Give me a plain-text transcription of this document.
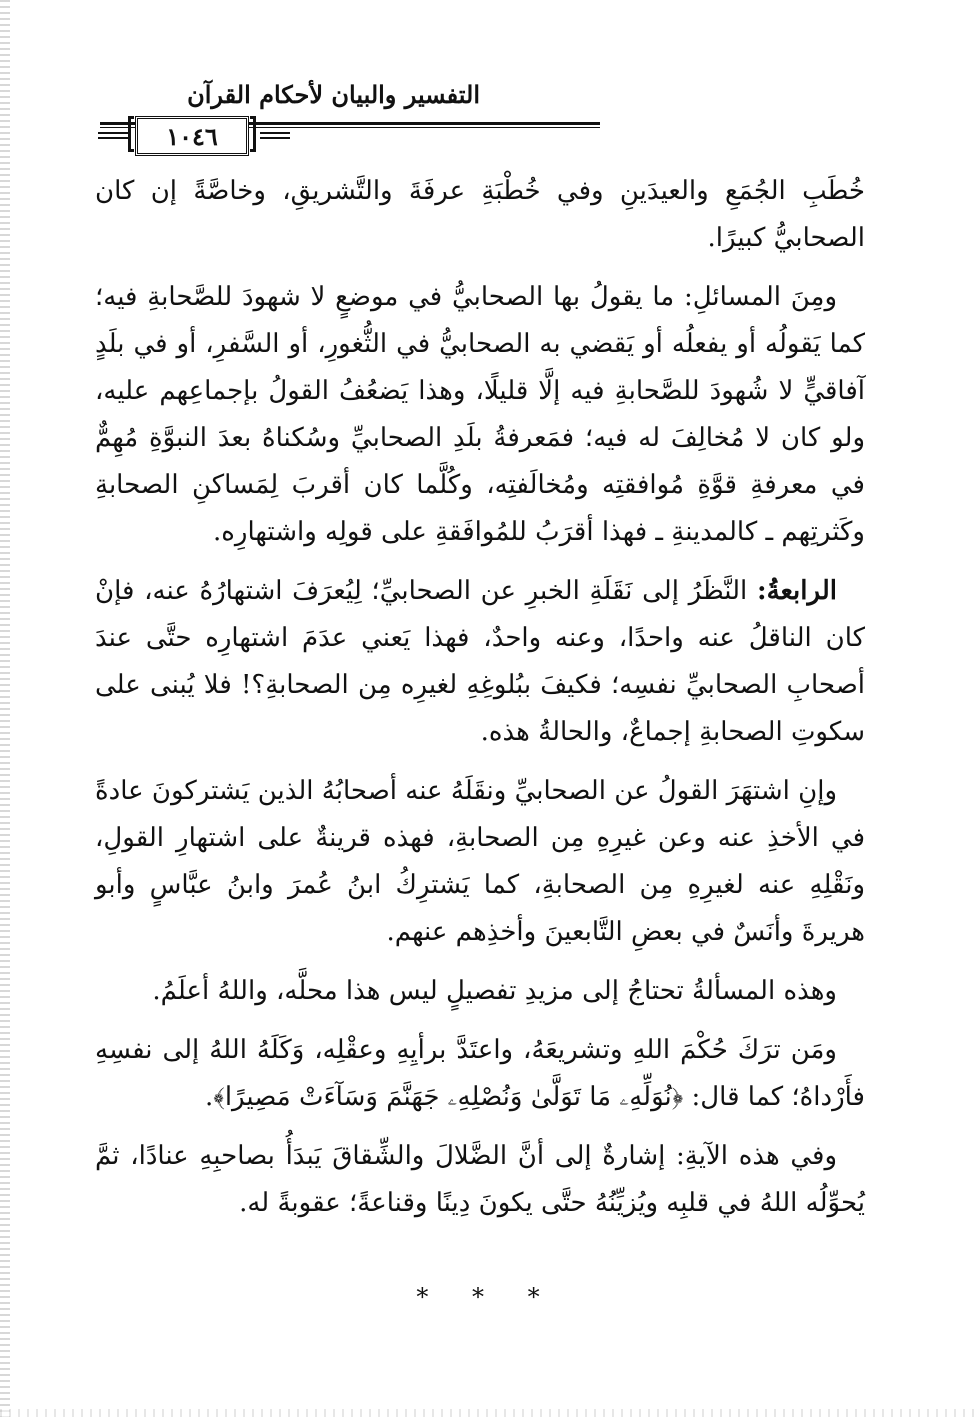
التفسير والبيان لأحكام القرآن
١٠٤٦

خُطَبِ الجُمَعِ والعيدَينِ وفي خُطْبَةِ عرفَةَ والتَّشريقِ، وخاصَّةً إن كان الصحابيُّ كبيرًا.

ومِنَ المسائلِ: ما يقولُ بها الصحابيُّ في موضعٍ لا شهودَ للصَّحابةِ فيه؛ كما يَقولُه أو يفعلُه أو يَقضي به الصحابيُّ في الثُّغورِ، أو السَّفرِ، أو في بلَدٍ آفاقيٍّ لا شُهودَ للصَّحابةِ فيه إلَّا قليلًا، وهذا يَضعُفُ القولُ بإجماعِهم عليه، ولو كان لا مُخالِفَ له فيه؛ فمَعرفةُ بلَدِ الصحابيِّ وسُكناهُ بعدَ النبوَّةِ مُهِمٌّ في معرفةِ قوَّةِ مُوافقتِه ومُخالَفتِه، وكُلَّما كان أقربَ لِمَساكنِ الصحابةِ وكَثرتِهم ـ كالمدينةِ ـ فهذا أقرَبُ للمُوافَقةِ على قولِه واشتهارِه.

الرابعةُ: النَّظَرُ إلى نَقَلَةِ الخبرِ عن الصحابيِّ؛ لِيُعرَفَ اشتهارُهُ عنه، فإنْ كان الناقلُ عنه واحدًا، وعنه واحدٌ، فهذا يَعني عدَمَ اشتهارِه حتَّى عندَ أصحابِ الصحابيِّ نفسِه؛ فكيفَ ببُلوغِهِ لغيرِه مِن الصحابةِ؟! فلا يُبنى على سكوتِ الصحابةِ إجماعٌ، والحالةُ هذه.

وإنِ اشتهَرَ القولُ عن الصحابيِّ ونقَلَهُ عنه أصحابُهُ الذين يَشتركونَ عادةً في الأخذِ عنه وعن غيرِهِ مِن الصحابةِ، فهذه قرينةٌ على اشتهارِ القولِ، ونَقْلِهِ عنه لغيرِهِ مِن الصحابةِ، كما يَشترِكُ ابنُ عُمرَ وابنُ عبَّاسٍ وأبو هريرةَ وأنَسٌ في بعضِ التَّابعينَ وأخذِهم عنهم.

وهذه المسألةُ تحتاجُ إلى مزيدِ تفصيلٍ ليس هذا محلَّه، واللهُ أعلَمُ.

ومَن ترَكَ حُكْمَ اللهِ وتشريعَهُ، واعتَدَّ برأيِهِ وعقْلِه، وَكَلَهُ اللهُ إلى نفسِهِ فأَرْداهُ؛ كما قال: ﴿نُوَلِّهِۦ مَا تَوَلَّىٰ وَنُصْلِهِۦ جَهَنَّمَ وَسَآءَتْ مَصِيرًا﴾.

وفي هذه الآيةِ: إشارةٌ إلى أنَّ الضَّلالَ والشِّقاقَ يَبدَأُ بصاحبِهِ عنادًا، ثمَّ يُحوِّلُه اللهُ في قلبِه ويُزيِّنُهُ حتَّى يكونَ دِينًا وقناعةً؛ عقوبةً له.

* * *
